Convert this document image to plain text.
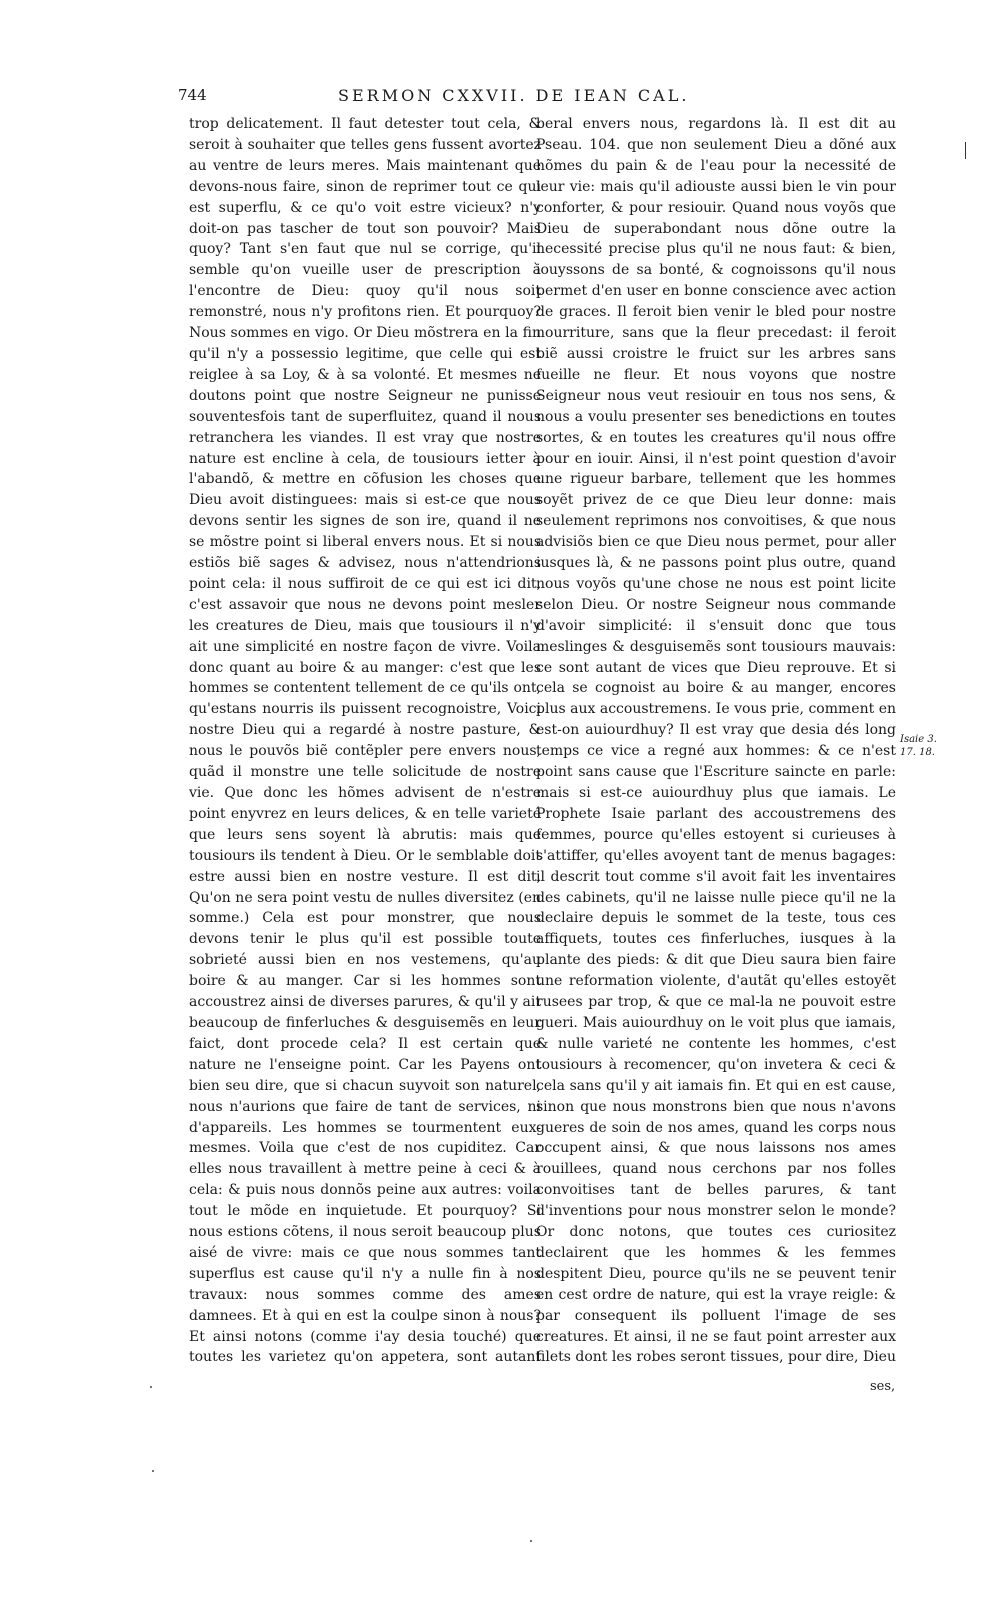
744	SERMON CXXVII. DE IEAN CAL.

trop delicatement. Il faut detester tout cela, & seroit à souhaiter que telles gens fussent avortez au ventre de leurs meres. Mais maintenant que devons-nous faire, sinon de reprimer tout ce qui est superflu, & ce qu'o voit estre vicieux? n'y doit-on pas tascher de tout son pouvoir? Mais quoy? Tant s'en faut que nul se corrige, qu'il semble qu'on vueille user de prescription à l'encontre de Dieu: quoy qu'il nous soit remonstré, nous n'y profitons rien. Et pourquoy? Nous sommes en vigo. Or Dieu mõstrera en la fin qu'il n'y a possessio legitime, que celle qui est reiglee à sa Loy, & à sa volonté. Et mesmes ne doutons point que nostre Seigneur ne punisse souventesfois tant de superfluitez, quand il nous retranchera les viandes. Il est vray que nostre nature est encline à cela, de tousiours ietter à l'abandõ, & mettre en cõfusion les choses que Dieu avoit distinguees: mais si est-ce que nous devons sentir les signes de son ire, quand il ne se mõstre point si liberal envers nous. Et si nous estiõs biẽ sages & advisez, nous n'attendrions point cela: il nous suffiroit de ce qui est ici dit, c'est assavoir que nous ne devons point mesler les creatures de Dieu, mais que tousiours il n'y ait une simplicité en nostre façon de vivre. Voila donc quant au boire & au manger: c'est que les hommes se contentent tellement de ce qu'ils ont, qu'estans nourris ils puissent recognoistre, Voici nostre Dieu qui a regardé à nostre pasture, & nous le pouvõs biẽ contẽpler pere envers nous, quãd il monstre une telle solicitude de nostre vie. Que donc les hõmes advisent de n'estre point enyvrez en leurs delices, & en telle varieté que leurs sens soyent là abrutis: mais que tousiours ils tendent à Dieu. Or le semblable doit estre aussi bien en nostre vesture. Il est dit, Qu'on ne sera point vestu de nulles diversitez (en somme.) Cela est pour monstrer, que nous devons tenir le plus qu'il est possible toute sobrieté aussi bien en nos vestemens, qu'au boire & au manger. Car si les hommes sont accoustrez ainsi de diverses parures, & qu'il y ait beaucoup de finferluches & desguisemẽs en leur faict, dont procede cela? Il est certain que nature ne l'enseigne point. Car les Payens ont bien seu dire, que si chacun suyvoit son naturel, nous n'aurions que faire de tant de services, ni d'appareils. Les hommes se tourmentent eux-mesmes. Voila que c'est de nos cupiditez. Car elles nous travaillent à mettre peine à ceci & à cela: & puis nous donnõs peine aux autres: voila tout le mõde en inquietude. Et pourquoy? Si nous estions cõtens, il nous seroit beaucoup plus aisé de vivre: mais ce que nous sommes tant superflus est cause qu'il n'y a nulle fin à nos travaux: nous sommes comme des ames damnees. Et à qui en est la coulpe sinon à nous? Et ainsi notons (comme i'ay desia touché) que toutes les varietez qu'on appetera, sont autant

beral envers nous, regardons là. Il est dit au Pseau. 104. que non seulement Dieu a dõné aux hõmes du pain & de l'eau pour la necessité de leur vie: mais qu'il adiouste aussi bien le vin pour conforter, & pour resiouir. Quand nous voyõs que Dieu de superabondant nous dõne outre la necessité precise plus qu'il ne nous faut: & bien, iouyssons de sa bonté, & cognoissons qu'il nous permet d'en user en bonne conscience avec action de graces. Il feroit bien venir le bled pour nostre nourriture, sans que la fleur precedast: il feroit biẽ aussi croistre le fruict sur les arbres sans fueille ne fleur. Et nous voyons que nostre Seigneur nous veut resiouir en tous nos sens, & nous a voulu presenter ses benedictions en toutes sortes, & en toutes les creatures qu'il nous offre pour en iouir. Ainsi, il n'est point question d'avoir une rigueur barbare, tellement que les hommes soyẽt privez de ce que Dieu leur donne: mais seulement reprimons nos convoitises, & que nous advisiõs bien ce que Dieu nous permet, pour aller iusques là, & ne passons point plus outre, quand nous voyõs qu'une chose ne nous est point licite selon Dieu. Or nostre Seigneur nous commande d'avoir simplicité: il s'ensuit donc que tous meslinges & desguisemẽs sont tousiours mauvais: ce sont autant de vices que Dieu reprouve. Et si cela se cognoist au boire & au manger, encores plus aux accoustremens. Ie vous prie, comment en est-on auiourdhuy? Il est vray que desia dés long temps ce vice a regné aux hommes: & ce n'est point sans cause que l'Escriture saincte en parle: mais si est-ce auiourdhuy plus que iamais. Le Prophete Isaie parlant des accoustremens des femmes, pource qu'elles estoyent si curieuses à s'attiffer, qu'elles avoyent tant de menus bagages: il descrit tout comme s'il avoit fait les inventaires des cabinets, qu'il ne laisse nulle piece qu'il ne la declaire depuis le sommet de la teste, tous ces affiquets, toutes ces finferluches, iusques à la plante des pieds: & dit que Dieu saura bien faire une reformation violente, d'autãt qu'elles estoyẽt rusees par trop, & que ce mal-la ne pouvoit estre gueri. Mais auiourdhuy on le voit plus que iamais, & nulle varieté ne contente les hommes, c'est tousiours à recomencer, qu'on invetera & ceci & cela sans qu'il y ait iamais fin. Et qui en est cause, sinon que nous monstrons bien que nous n'avons gueres de soin de nos ames, quand les corps nous occupent ainsi, & que nous laissons nos ames rouillees, quand nous cerchons par nos folles convoitises tant de belles parures, & tant d'inventions pour nous monstrer selon le monde? Or donc notons, que toutes ces curiositez declairent que les hommes & les femmes despitent Dieu, pource qu'ils ne se peuvent tenir en cest ordre de nature, qui est la vraye reigle: & par consequent ils polluent l'image de ses creatures. Et ainsi, il ne se faut point arrester aux filets dont les robes seront tissues, pour dire, Dieu

Isaie 3. 17. 18.
ses,
